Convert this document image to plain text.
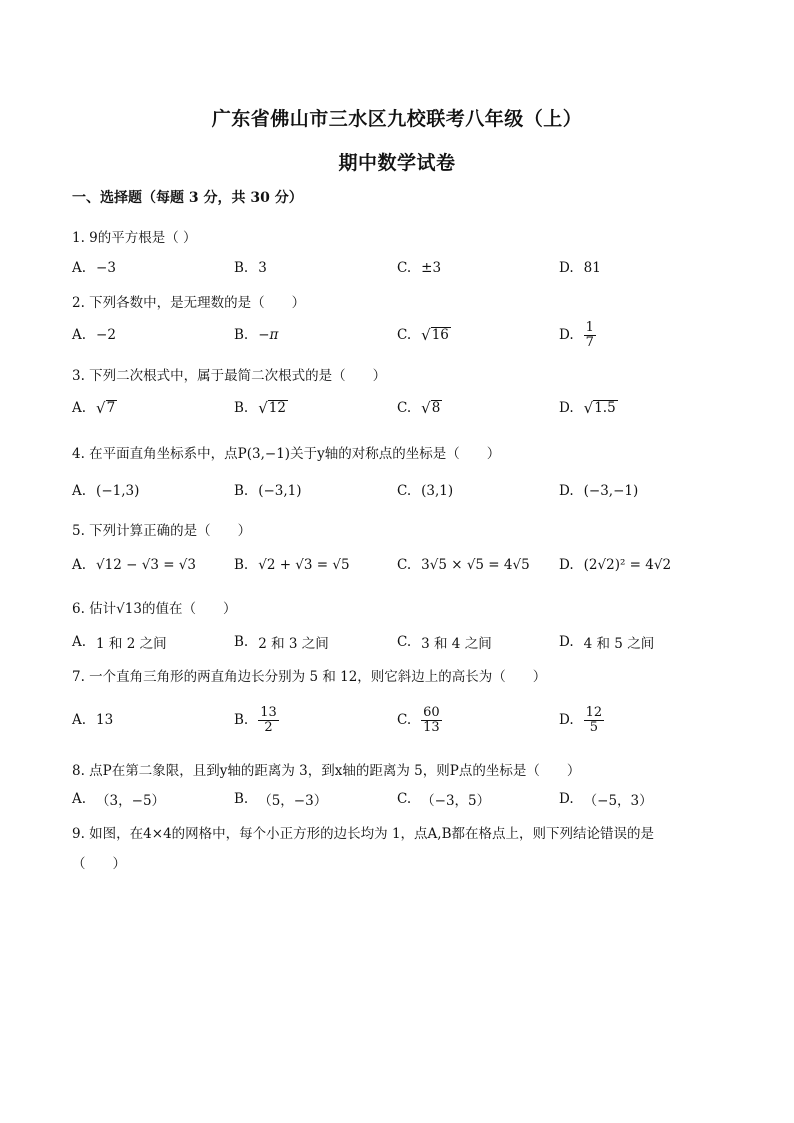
广东省佛山市三水区九校联考八年级（上）
期中数学试卷
一、选择题（每题 3 分，共 30 分）
1. 9的平方根是（ ）
A. −3	B. 3	C. ±3	D. 81
2. 下列各数中，是无理数的是（　　）
A. −2	B. −π	C. √ 16	D. $\frac{1}{7}$
3. 下列二次根式中，属于最简二次根式的是（　　）
A. √ 7	B. √ 12	C. √ 8	D. √ 1.5
4. 在平面直角坐标系中，点P(3,−1)关于y轴的对称点的坐标是（　　）
A. (−1,3)	B. (−3,1)	C. (3,1)	D. (−3,−1)
5. 下列计算正确的是（　　）
A. √12 − √3 = √3	B. √2 + √3 = √5	C. 3√5 × √5 = 4√5 D. (2√2)² = 4√2
6. 估计√13的值在（　　）
A. 1 和 2 之间	B. 2 和 3 之间	C. 3 和 4 之间	D. 4 和 5 之间
7. 一个直角三角形的两直角边长分别为 5 和 12，则它斜边上的高长为（　　）
A. 13	B. $\frac{13}{2}$	C. $\frac{60}{13}$	D. $\frac{12}{5}$
8. 点P在第二象限，且到y轴的距离为 3，到x轴的距离为 5，则P点的坐标是（　　）
A. （3，−5）	B. （5，−3）	C. （−3，5）	D. （−5，3）
9. 如图，在4×4的网格中，每个小正方形的边长均为 1，点A,B都在格点上，则下列结论错误的是
（　　）
